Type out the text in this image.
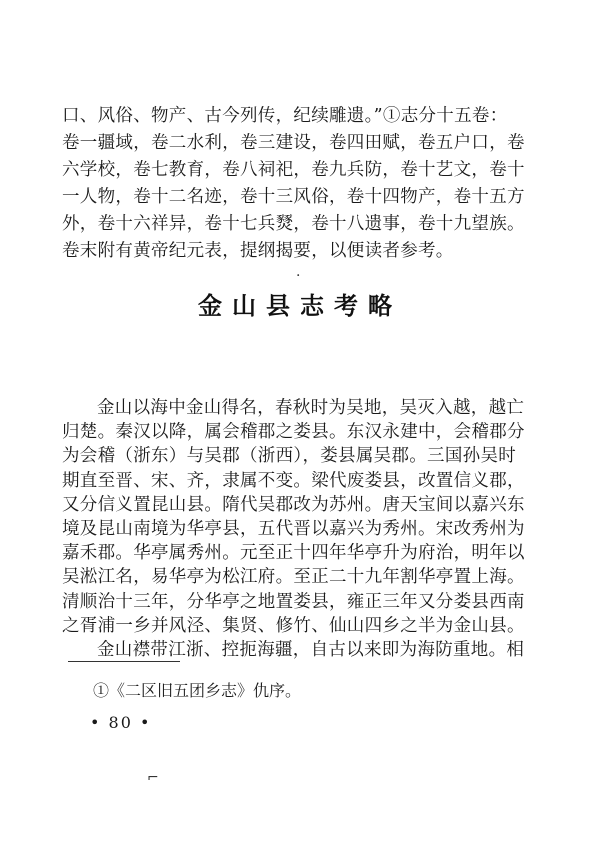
口、风俗、物产、古今列传，纪续雕遗。”①志分十五卷：
卷一疆域，卷二水利，卷三建设，卷四田赋，卷五户口，卷
六学校，卷七教育，卷八祠祀，卷九兵防，卷十艺文，卷十
一人物，卷十二名迹，卷十三风俗，卷十四物产，卷十五方
外，卷十六祥异，卷十七兵燹，卷十八遗事，卷十九望族。
卷末附有黄帝纪元表，提纲揭要，以便读者参考。
金山县志考略
金山以海中金山得名，春秋时为吴地，吴灭入越，越亡
归楚。秦汉以降，属会稽郡之娄县。东汉永建中，会稽郡分
为会稽（浙东）与吴郡（浙西），娄县属吴郡。三国孙吴时
期直至晋、宋、齐，隶属不变。梁代废娄县，改置信义郡，
又分信义置昆山县。隋代吴郡改为苏州。唐天宝间以嘉兴东
境及昆山南境为华亭县，五代晋以嘉兴为秀州。宋改秀州为
嘉禾郡。华亭属秀州。元至正十四年华亭升为府治，明年以
吴淞江名，易华亭为松江府。至正二十九年割华亭置上海。
清顺治十三年，分华亭之地置娄县，雍正三年又分娄县西南
之胥浦一乡并风泾、集贤、修竹、仙山四乡之半为金山县。
金山襟带江浙、控扼海疆，自古以来即为海防重地。相
①《二区旧五团乡志》仇序。
• 80 •
·
⌐
